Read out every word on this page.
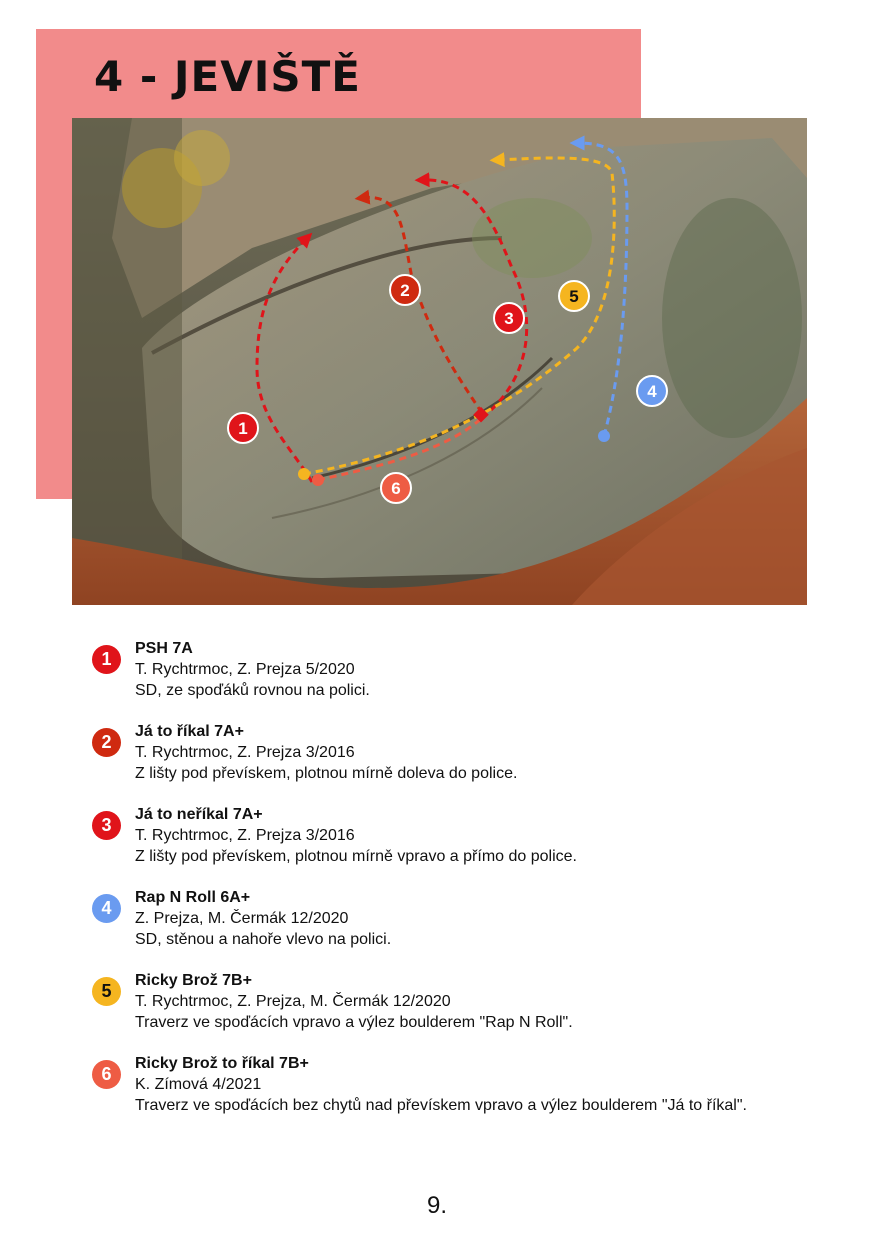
4 - JEVIŠTĚ
1
2
3
4
5
6
1
PSH 7A
T. Rychtrmoc, Z. Prejza 5/2020
SD, ze spoďáků rovnou na polici.
2
Já to říkal 7A+
T. Rychtrmoc, Z. Prejza 3/2016
Z lišty pod převískem, plotnou mírně doleva do police.
3
Já to neříkal 7A+
T. Rychtrmoc, Z. Prejza 3/2016
Z lišty pod převískem, plotnou mírně vpravo a přímo do police.
4
Rap N Roll 6A+
Z. Prejza, M. Čermák 12/2020
SD, stěnou a nahoře vlevo na polici.
5
Ricky Brož 7B+
T. Rychtrmoc, Z. Prejza, M. Čermák 12/2020
Traverz ve spoďácích vpravo a výlez boulderem "Rap N Roll".
6
Ricky Brož to říkal 7B+
K. Zímová 4/2021
Traverz ve spoďácích bez chytů nad převískem vpravo a výlez boulderem "Já to říkal".
9.
